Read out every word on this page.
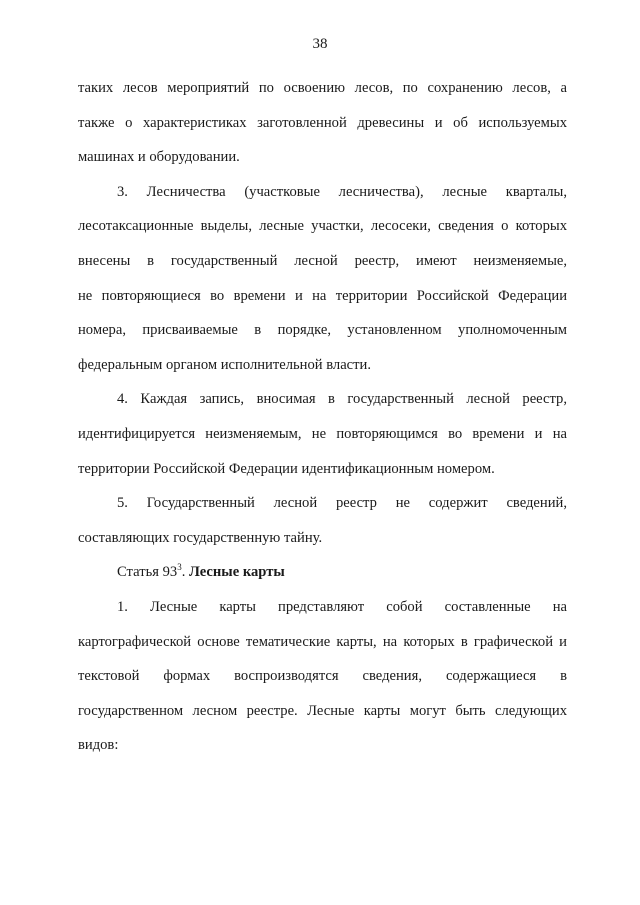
38
таких лесов мероприятий по освоению лесов, по сохранению лесов, а
также о характеристиках заготовленной древесины и об используемых
машинах и оборудовании.
3. Лесничества (участковые лесничества), лесные кварталы,
лесотаксационные выделы, лесные участки, лесосеки, сведения о которых
внесены в государственный лесной реестр, имеют неизменяемые,
не повторяющиеся во времени и на территории Российской Федерации
номера, присваиваемые в порядке, установленном уполномоченным
федеральным органом исполнительной власти.
4. Каждая запись, вносимая в государственный лесной реестр,
идентифицируется неизменяемым, не повторяющимся во времени и на
территории Российской Федерации идентификационным номером.
5. Государственный лесной реестр не содержит сведений,
составляющих государственную тайну.
Статья $93^3$. Лесные карты
1. Лесные карты представляют собой составленные на
картографической основе тематические карты, на которых в графической и
текстовой формах воспроизводятся сведения, содержащиеся в
государственном лесном реестре. Лесные карты могут быть следующих
видов:
